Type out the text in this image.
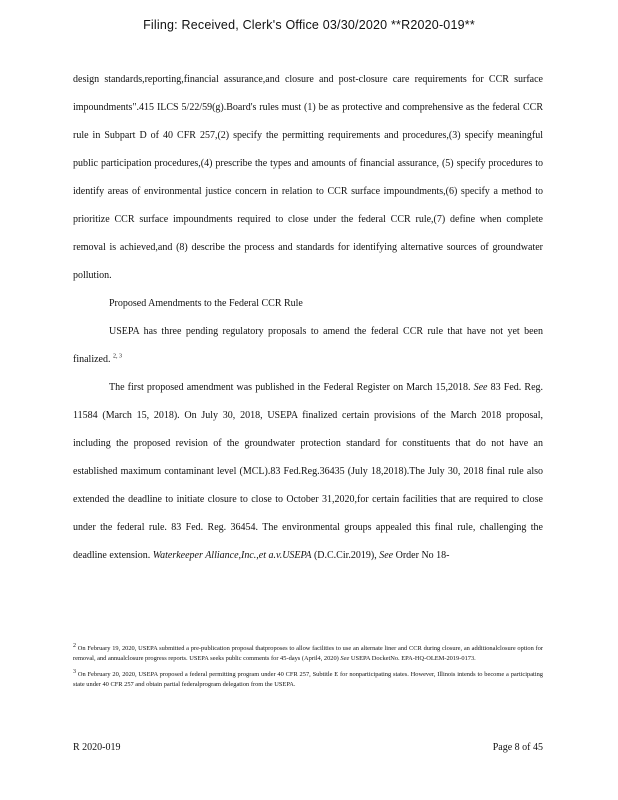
Filing: Received, Clerk's Office 03/30/2020 **R2020-019**

design standards,reporting,financial assurance,and closure and post-closure care requirements for CCR surface impoundments".415 ILCS 5/22/59(g).Board's rules must (1) be as protective and comprehensive as the federal CCR rule in Subpart D of 40 CFR 257,(2) specify the permitting requirements and procedures,(3) specify meaningful public participation procedures,(4) prescribe the types and amounts of financial assurance, (5) specify procedures to identify areas of environmental justice concern in relation to CCR surface impoundments,(6) specify a method to prioritize CCR surface impoundments required to close under the federal CCR rule,(7) define when complete removal is achieved,and (8) describe the process and standards for identifying alternative sources of groundwater pollution.

Proposed Amendments to the Federal CCR Rule

USEPA has three pending regulatory proposals to amend the federal CCR rule that have not yet been finalized. $^{2, 3}$

The first proposed amendment was published in the Federal Register on March 15,2018. See 83 Fed. Reg. 11584 (March 15, 2018). On July 30, 2018, USEPA finalized certain provisions of the March 2018 proposal, including the proposed revision of the groundwater protection standard for constituents that do not have an established maximum contaminant level (MCL).83 Fed.Reg.36435 (July 18,2018).The July 30, 2018 final rule also extended the deadline to initiate closure to close to October 31,2020,for certain facilities that are required to close under the federal rule. 83 Fed. Reg. 36454. The environmental groups appealed this final rule, challenging the deadline extension. Waterkeeper Alliance,Inc.,et a.v.USEPA (D.C.Cir.2019), See Order No 18-

$^2$ On February 19, 2020, USEPA submitted a pre-publication proposal thatproposes to allow facilities to use an alternate liner and CCR during closure, an additionalclosure option for removal, and annualclosure progress reports. USEPA seeks public comments for 45-days (April4, 2020) See USEPA DocketNo. EPA-HQ-OLEM-2019-0173.

$^3$ On February 20, 2020, USEPA proposed a federal permitting program under 40 CFR 257, Subtitle E for nonparticipating states. However, Illinois intends to become a participating state under 40 CFR 257 and obtain partial federalprogram delegation from the USEPA.

R 2020-019	Page 8 of 45
